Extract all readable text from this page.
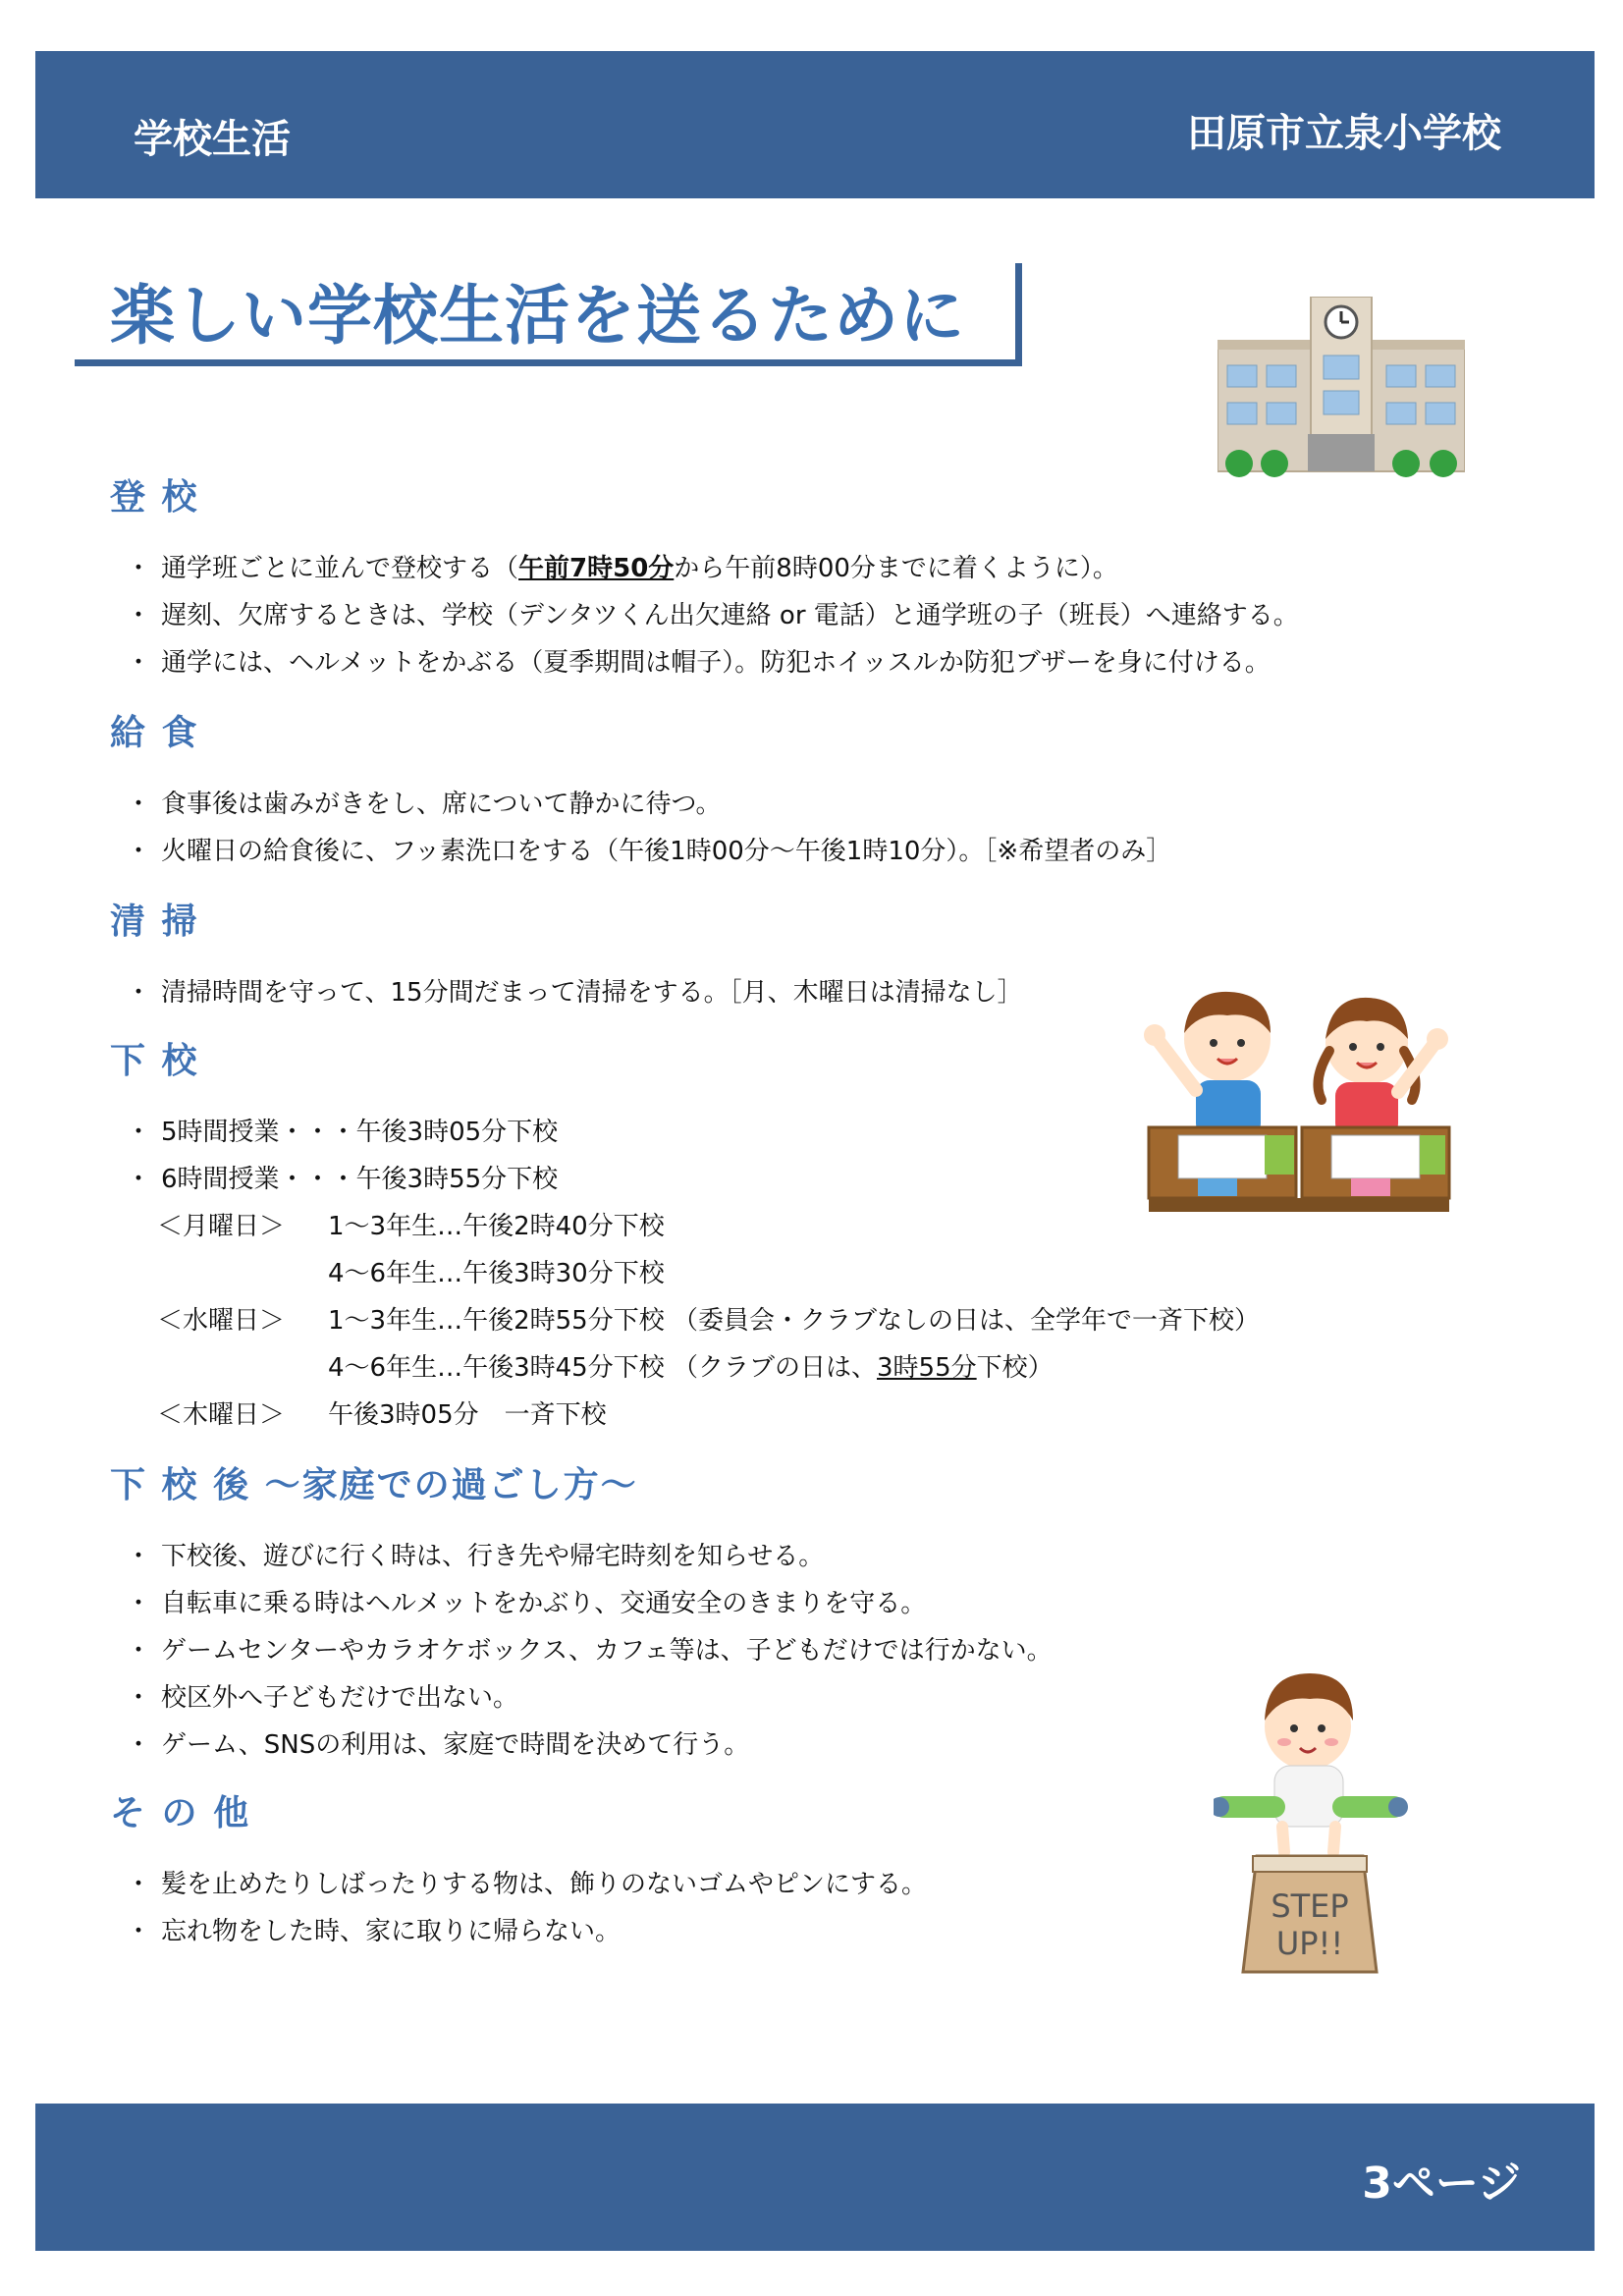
学校生活	田原市立泉小学校
楽しい学校生活を送るために
登 校
・ 通学班ごとに並んで登校する（午前7時50分から午前8時00分までに着くように）。
・ 遅刻、欠席するときは、学校（デンタツくん出欠連絡 or 電話）と通学班の子（班長）へ連絡する。
・ 通学には、ヘルメットをかぶる（夏季期間は帽子）。防犯ホイッスルか防犯ブザーを身に付ける。
給 食
・ 食事後は歯みがきをし、席について静かに待つ。
・ 火曜日の給食後に、フッ素洗口をする（午後1時00分～午後1時10分）。［※希望者のみ］
清 掃
・ 清掃時間を守って、15分間だまって清掃をする。［月、木曜日は清掃なし］
下 校
・ 5時間授業・・・午後3時05分下校
・ 6時間授業・・・午後3時55分下校
＜月曜日＞ 1～3年生…午後2時40分下校
4～6年生…午後3時30分下校
＜水曜日＞ 1～3年生…午後2時55分下校 （委員会・クラブなしの日は、全学年で一斉下校）
4～6年生…午後3時45分下校 （クラブの日は、3時55分下校）
＜木曜日＞ 午後3時05分　一斉下校
下 校 後 ～家庭での過ごし方～
・ 下校後、遊びに行く時は、行き先や帰宅時刻を知らせる。
・ 自転車に乗る時はヘルメットをかぶり、交通安全のきまりを守る。
・ ゲームセンターやカラオケボックス、カフェ等は、子どもだけでは行かない。
・ 校区外へ子どもだけで出ない。
・ ゲーム、SNSの利用は、家庭で時間を決めて行う。
そ の 他
・ 髪を止めたりしばったりする物は、飾りのないゴムやピンにする。
・ 忘れ物をした時、家に取りに帰らない。
STEP
UP!!
3ページ
